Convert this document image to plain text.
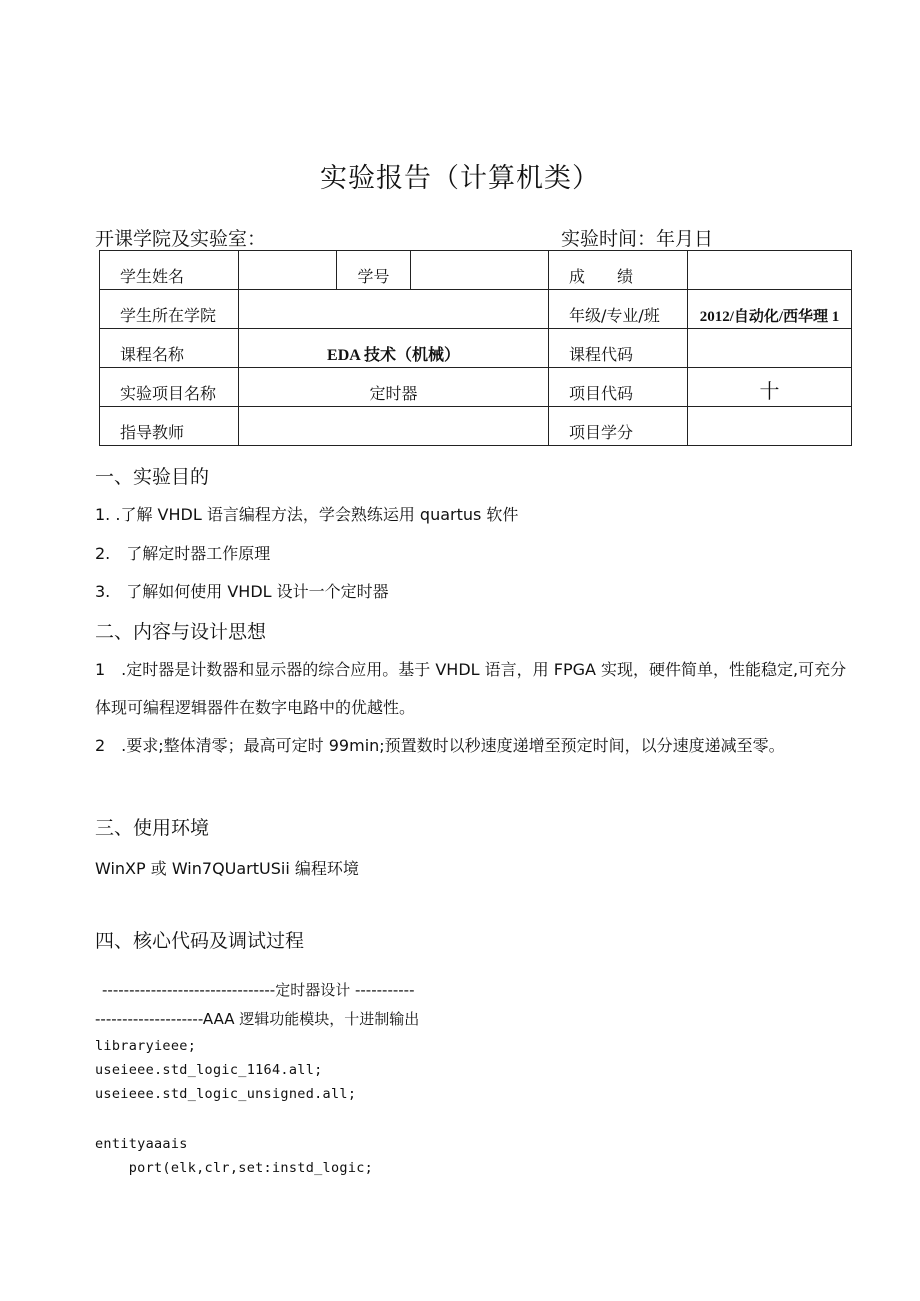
实验报告（计算机类）
开课学院及实验室：	实验时间：年月日
学生姓名		学号		成　　绩	

学生所在学院				年级/专业/班	2012/自动化/西华理 1

课程名称	EDA 技术（机械）			课程代码	

实验项目名称	定时器			项目代码	十

指导教师				项目学分	

一、实验目的
1. .了解 VHDL 语言编程方法，学会熟练运用 quartus 软件
2.　了解定时器工作原理
3.　了解如何使用 VHDL 设计一个定时器
二、内容与设计思想
1　.定时器是计数器和显示器的综合应用。基于 VHDL 语言，用 FPGA 实现，硬件简单，性能稳定,可充分
体现可编程逻辑器件在数字电路中的优越性。
2　.要求;整体清零；最高可定时 99min;预置数时以秒速度递增至预定时间，以分速度递减至零。
三、使用环境
WinXP 或 Win7QUartUSii 编程环境
四、核心代码及调试过程
--------------------------------定时器设计 -----------
--------------------AAA 逻辑功能模块，十进制输出
libraryieee;
useieee.std_logic_1164.all;
useieee.std_logic_unsigned.all;
entityaaais
port(elk,clr,set:instd_logic;
